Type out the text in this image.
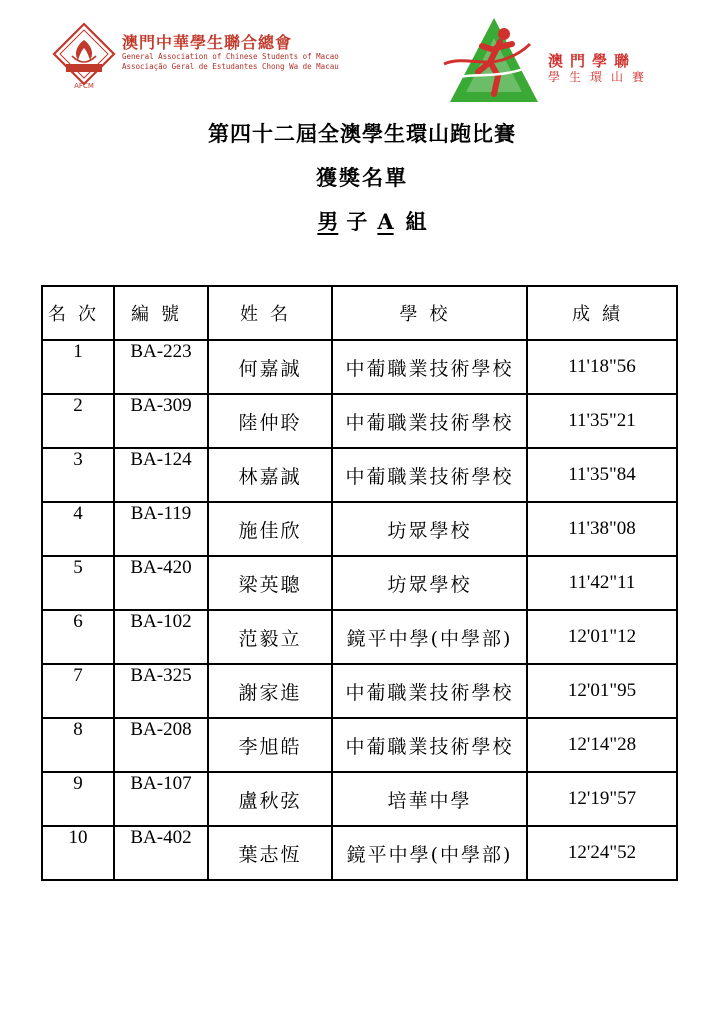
AFCM
澳門中華學生聯合總會
General Association of Chinese Students of Macao
Associação Geral de Estudantes Chong Wa de Macau	澳門學聯
學生環山賽
第四十二屆全澳學生環山跑比賽
獲獎名單
男 子 A 組
名次	編號	姓名	學校	成績
1	BA-223	何嘉誠	中葡職業技術學校	11'18"56
2	BA-309	陸仲聆	中葡職業技術學校	11'35"21
3	BA-124	林嘉誠	中葡職業技術學校	11'35"84
4	BA-119	施佳欣	坊眾學校	11'38"08
5	BA-420	梁英聰	坊眾學校	11'42"11
6	BA-102	范毅立	鏡平中學(中學部)	12'01"12
7	BA-325	謝家進	中葡職業技術學校	12'01"95
8	BA-208	李旭皓	中葡職業技術學校	12'14"28
9	BA-107	盧秋弦	培華中學	12'19"57
10	BA-402	葉志恆	鏡平中學(中學部)	12'24"52
